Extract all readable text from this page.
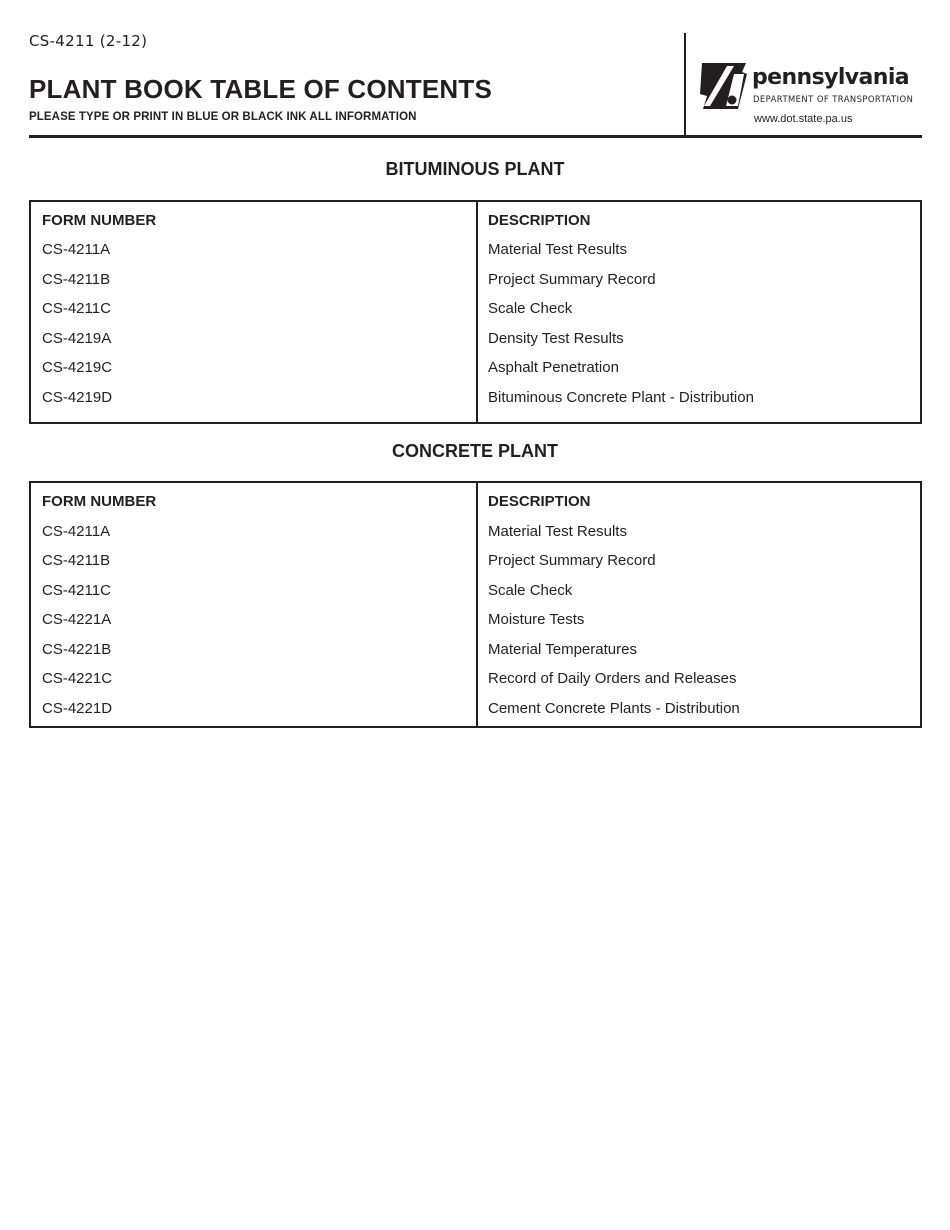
CS-4211 (2-12)
PLANT BOOK TABLE OF CONTENTS
PLEASE TYPE OR PRINT IN BLUE OR BLACK INK ALL INFORMATION
pennsylvania
DEPARTMENT OF TRANSPORTATION
www.dot.state.pa.us
BITUMINOUS PLANT
FORM NUMBER	DESCRIPTION
CS-4211A	Material Test Results
CS-4211B	Project Summary Record
CS-4211C	Scale Check
CS-4219A	Density Test Results
CS-4219C	Asphalt Penetration
CS-4219D	Bituminous Concrete Plant - Distribution
CONCRETE PLANT
FORM NUMBER	DESCRIPTION
CS-4211A	Material Test Results
CS-4211B	Project Summary Record
CS-4211C	Scale Check
CS-4221A	Moisture Tests
CS-4221B	Material Temperatures
CS-4221C	Record of Daily Orders and Releases
CS-4221D	Cement Concrete Plants - Distribution
